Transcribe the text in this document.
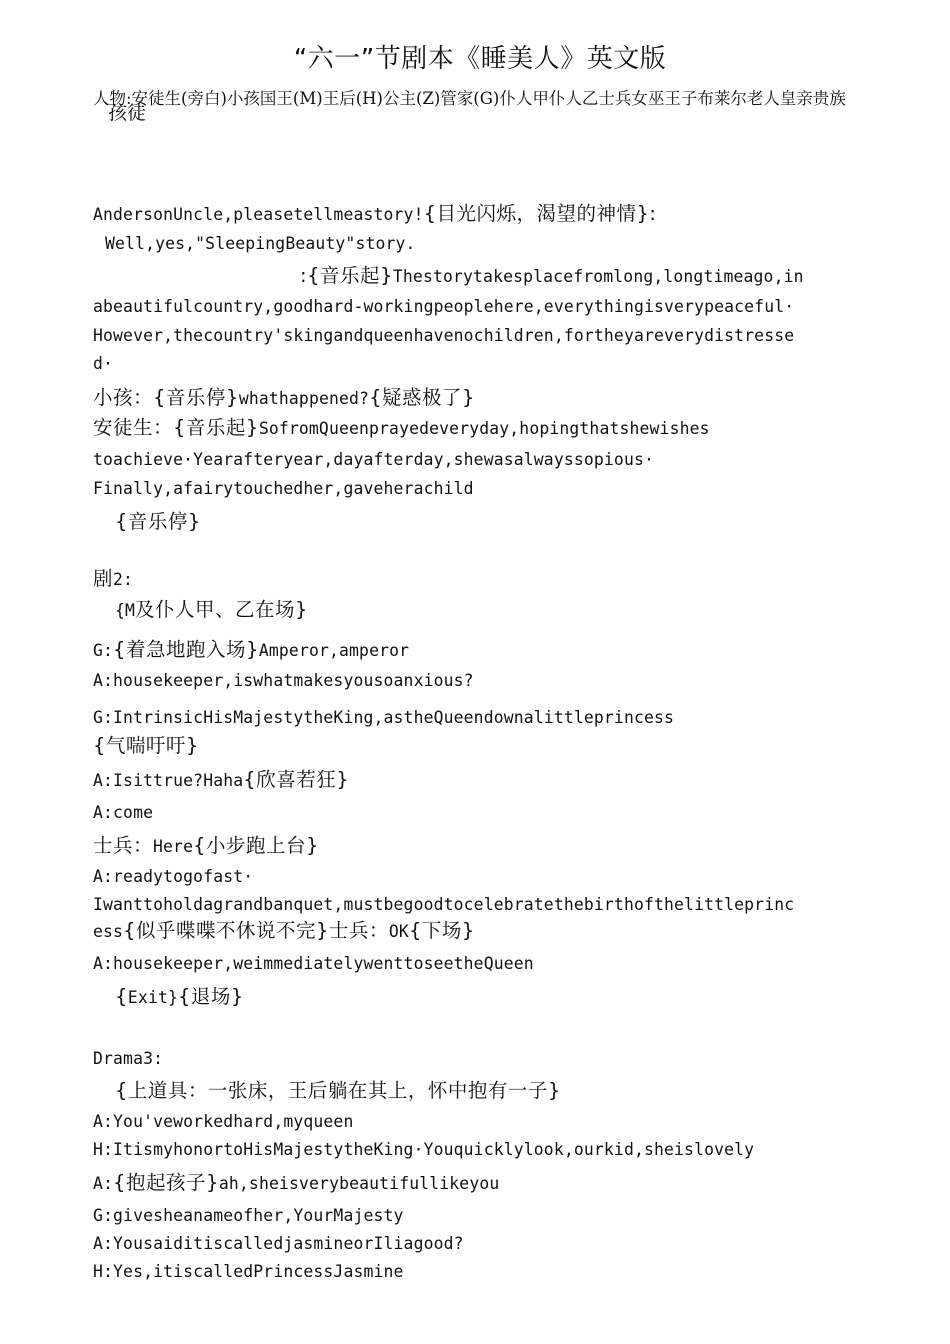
“六一”节剧本《睡美人》英文版
人物:安徒生(旁白)小孩国王(M)王后(H)公主(Z)管家(G)仆人甲仆人乙士兵女巫王子布莱尔老人皇亲贵族
孩徒
AndersonUncle,pleasetellmeastory!{目光闪烁，渴望的神情}:
Well,yes,"SleepingBeauty"story.
:{音乐起}Thestorytakesplacefromlong,longtimeago,in
abeautifulcountry,goodhard-workingpeoplehere,everythingisverypeaceful·
However,thecountry'skingandqueenhavenochildren,fortheyareverydistresse
d·
小孩：{音乐停}whathappened?{疑惑极了}
安徒生：{音乐起}SofromQueenprayedeveryday,hopingthatshewishes
toachieve·Yearafteryear,dayafterday,shewasalwayssopious·
Finally,afairytouchedher,gaveherachild
{音乐停}
剧2:
{M及仆人甲、乙在场}
G:{着急地跑入场}Amperor,amperor
A:housekeeper,iswhatmakesyousoanxious?
G:IntrinsicHisMajestytheKing,astheQueendownalittleprincess
{气喘吁吁}
A:Isittrue?Haha{欣喜若狂}
A:come
士兵：Here{小步跑上台}
A:readytogofast·
Iwanttoholdagrandbanquet,mustbegoodtocelebratethebirthofthelittleprinc
ess{似乎喋喋不休说不完}士兵：OK{下场}
A:housekeeper,weimmediatelywenttoseetheQueen
{Exit}{退场}
Drama3:
{上道具：一张床，王后躺在其上，怀中抱有一子}
A:You'veworkedhard,myqueen
H:ItismyhonortoHisMajestytheKing·Youquicklylook,ourkid,sheislovely
A:{抱起孩子}ah,sheisverybeautifullikeyou
G:givesheanameofher,YourMajesty
A:YousaiditiscalledjasmineorIliagood?
H:Yes,itiscalledPrincessJasmine
